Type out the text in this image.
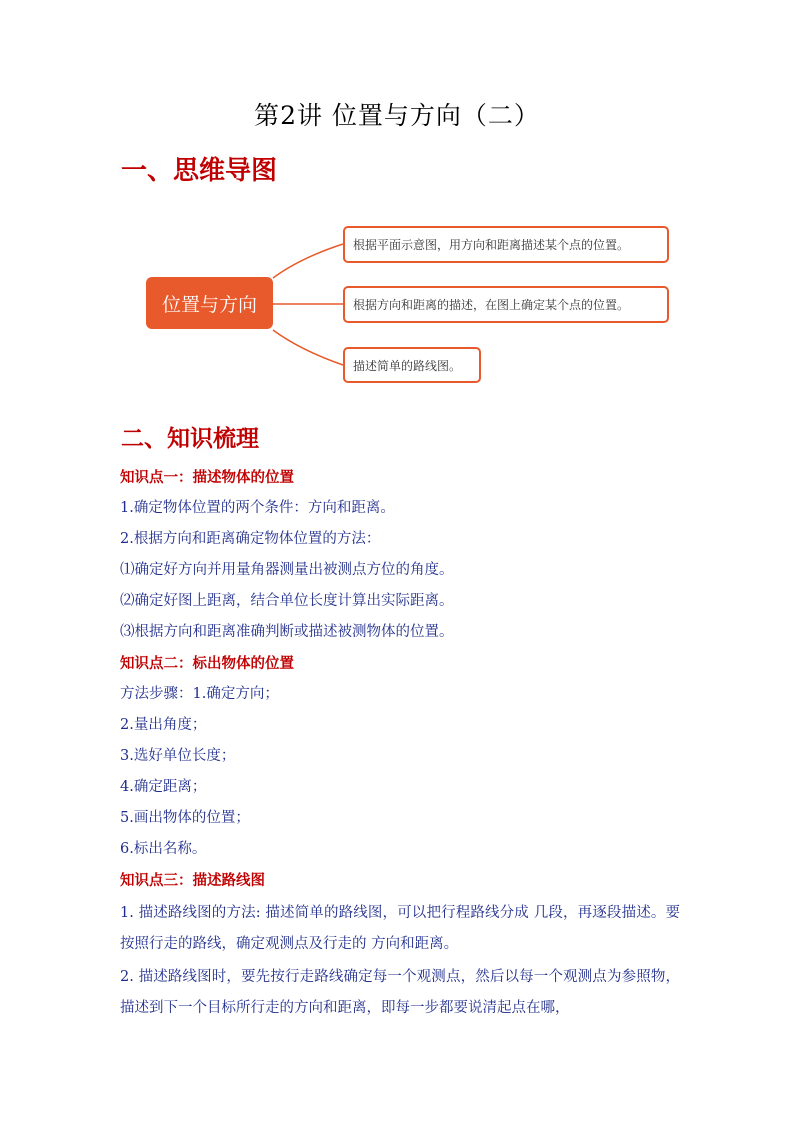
第2讲 位置与方向（二）
一、思维导图
位置与方向
根据平面示意图，用方向和距离描述某个点的位置。
根据方向和距离的描述，在图上确定某个点的位置。
描述简单的路线图。
二、知识梳理
知识点一：描述物体的位置
1.确定物体位置的两个条件：方向和距离。
2.根据方向和距离确定物体位置的方法：
⑴确定好方向并用量角器测量出被测点方位的角度。
⑵确定好图上距离，结合单位长度计算出实际距离。
⑶根据方向和距离准确判断或描述被测物体的位置。
知识点二：标出物体的位置
方法步骤：1.确定方向；
2.量出角度；
3.选好单位长度；
4.确定距离；
5.画出物体的位置；
6.标出名称。
知识点三：描述路线图
1. 描述路线图的方法: 描述简单的路线图，可以把行程路线分成 几段，再逐段描述。要按照行走的路线，确定观测点及行走的 方向和距离。
2. 描述路线图时，要先按行走路线确定每一个观测点，然后以每一个观测点为参照物，描述到下一个目标所行走的方向和距离，即每一步都要说清起点在哪，
